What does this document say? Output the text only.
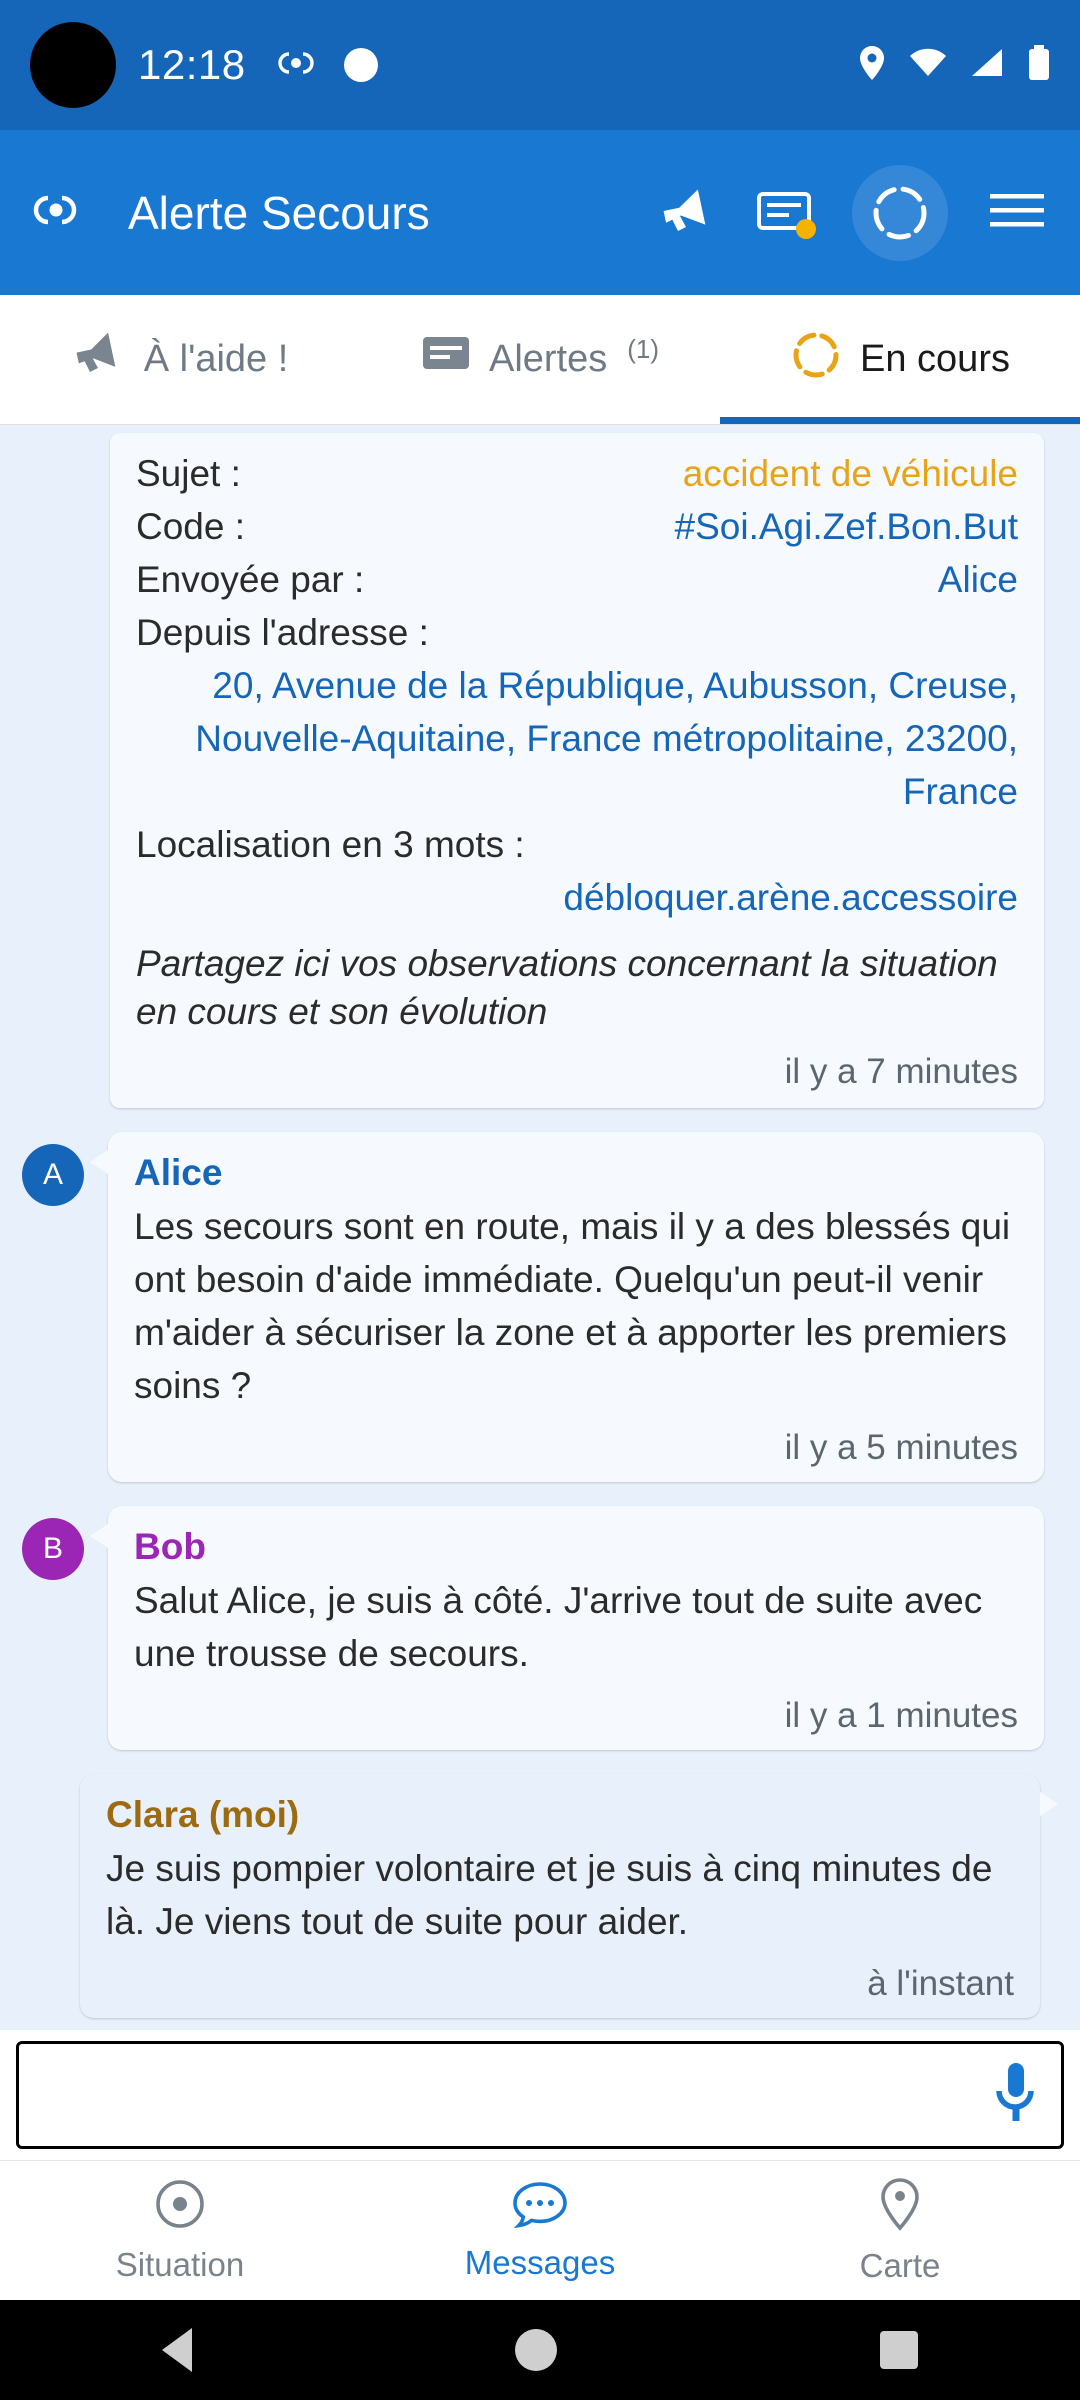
12:18
Alerte Secours
À l'aide !	Alertes (1)	En cours
Sujet :	accident de véhicule
Code :	#Soi.Agi.Zef.Bon.But
Envoyée par :	Alice
Depuis l'adresse :
20, Avenue de la République, Aubusson, Creuse, Nouvelle-Aquitaine, France métropolitaine, 23200, France
Localisation en 3 mots :
débloquer.arène.accessoire
Partagez ici vos observations concernant la situation en cours et son évolution
il y a 7 minutes
A	Alice
Les secours sont en route, mais il y a des blessés qui ont besoin d'aide immédiate. Quelqu'un peut-il venir m'aider à sécuriser la zone et à apporter les premiers soins ?
il y a 5 minutes
B	Bob
Salut Alice, je suis à côté. J'arrive tout de suite avec une trousse de secours.
il y a 1 minutes
Clara (moi)
Je suis pompier volontaire et je suis à cinq minutes de là. Je viens tout de suite pour aider.
à l'instant
Situation	Messages	Carte
